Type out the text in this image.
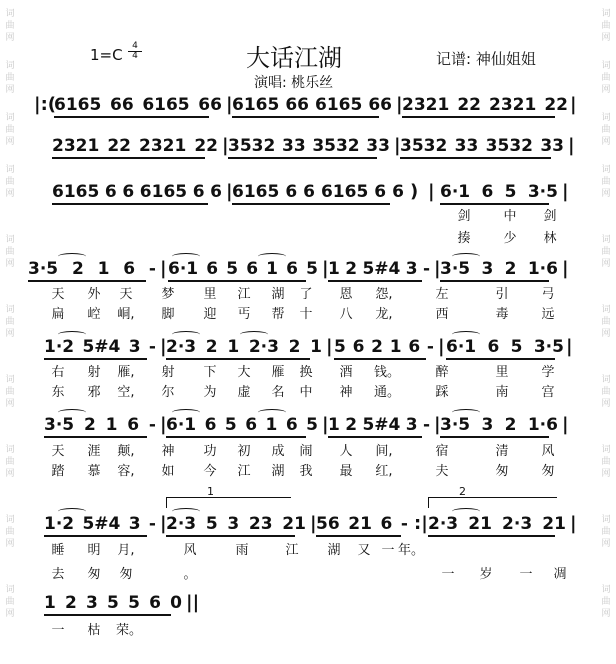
词
曲
网
词
曲
网
词
曲
网
词
曲
网
词
曲
网
词
曲
网
词
曲
网
词
曲
网
词
曲
网
词
曲
网
词
曲
网
词
曲
网
词
曲
网
词
曲
网
词
曲
网
词
曲
网
词
曲
网
词
曲
网
词
曲
网
词
曲
网
1=C	4
4	大话江湖
演唱: 桃乐丝
记谱: 神仙姐姐
|:(
6165 66 6165 66 | 6165 66 6165 66 | 2321 22 2321 22 |
2321 22 2321 22 | 3532 33 3532 33 | 3532 33 3532 33 |
6165 6 6 6165 6 6 | 6165 6 6 6165 6 6 ) | 6·1 6 5 3·5 |
3·5 2 1 6 - | 6·1 6 5 6 1 6 5 | 1 2 5#4 3 - | 3·5 3 2 1·6 |
1·2 5#4 3 - | 2·3 2 1 2·3 2 1 | 5 6 2 1 6 - | 6·1 6 5 3·5 |
3·5 2 1 6 - | 6·1 6 5 6 1 6 5 | 1 2 5#4 3 - | 3·5 3 2 1·6 |
1·2 5#4 3 - | 2·3 5 3 23 21 | 56 21 6 - :| 2·3 21 2·3 21 |
1 2 3 5 5 6 0 ||
剑	中 剑
揍	少 林
天 外 天 梦 里 江 湖 了 恩 怨,	左	引	弓
扁 崆 峒, 脚 迎 丐 帮 十 八 龙,	西	毒	远
右 射 雁, 射 下 大 雁 换 酒 钱。	醉	里	学
东 邪 空, 尔 为 虚 名 中 神 通。	踩	南	宫
天 涯 颠, 神 功 初 成 闹 人 间,	宿	清	风
踏 慕 容, 如 今 江 湖 我 最 红,	夫	匆	匆
睡 明 月,	风	雨	江 湖 又 一 年。
去 匆 匆	。	一 岁 一 凋
一 枯 荣。
1	2
